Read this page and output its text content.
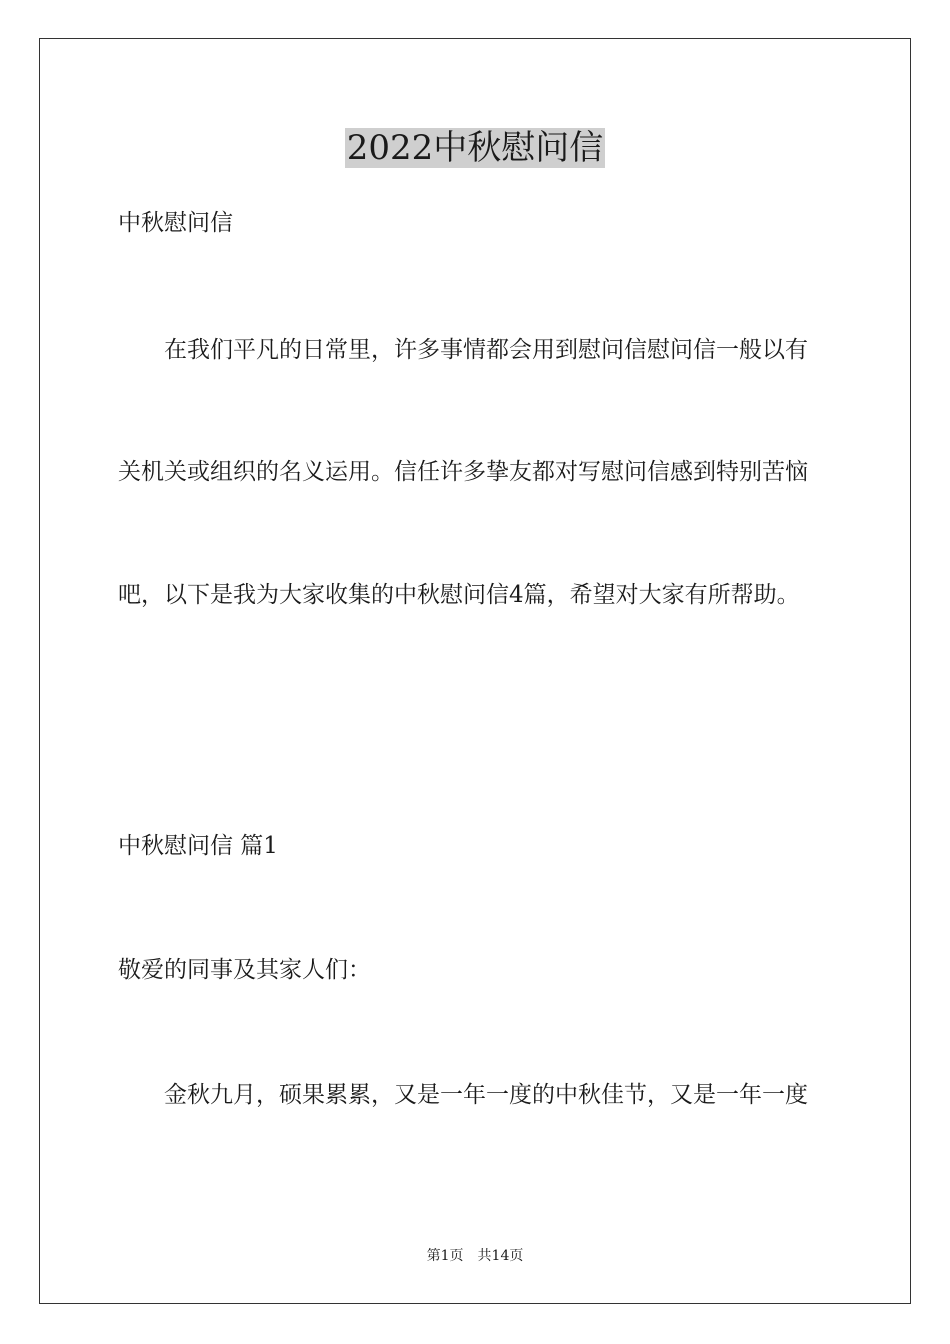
2022中秋慰问信
中秋慰问信
　　在我们平凡的日常里，许多事情都会用到慰问信慰问信一般以有
关机关或组织的名义运用。信任许多挚友都对写慰问信感到特别苦恼
吧，以下是我为大家收集的中秋慰问信4篇，希望对大家有所帮助。
中秋慰问信 篇1
敬爱的同事及其家人们：
　　金秋九月，硕果累累，又是一年一度的中秋佳节，又是一年一度
第1页　共14页
